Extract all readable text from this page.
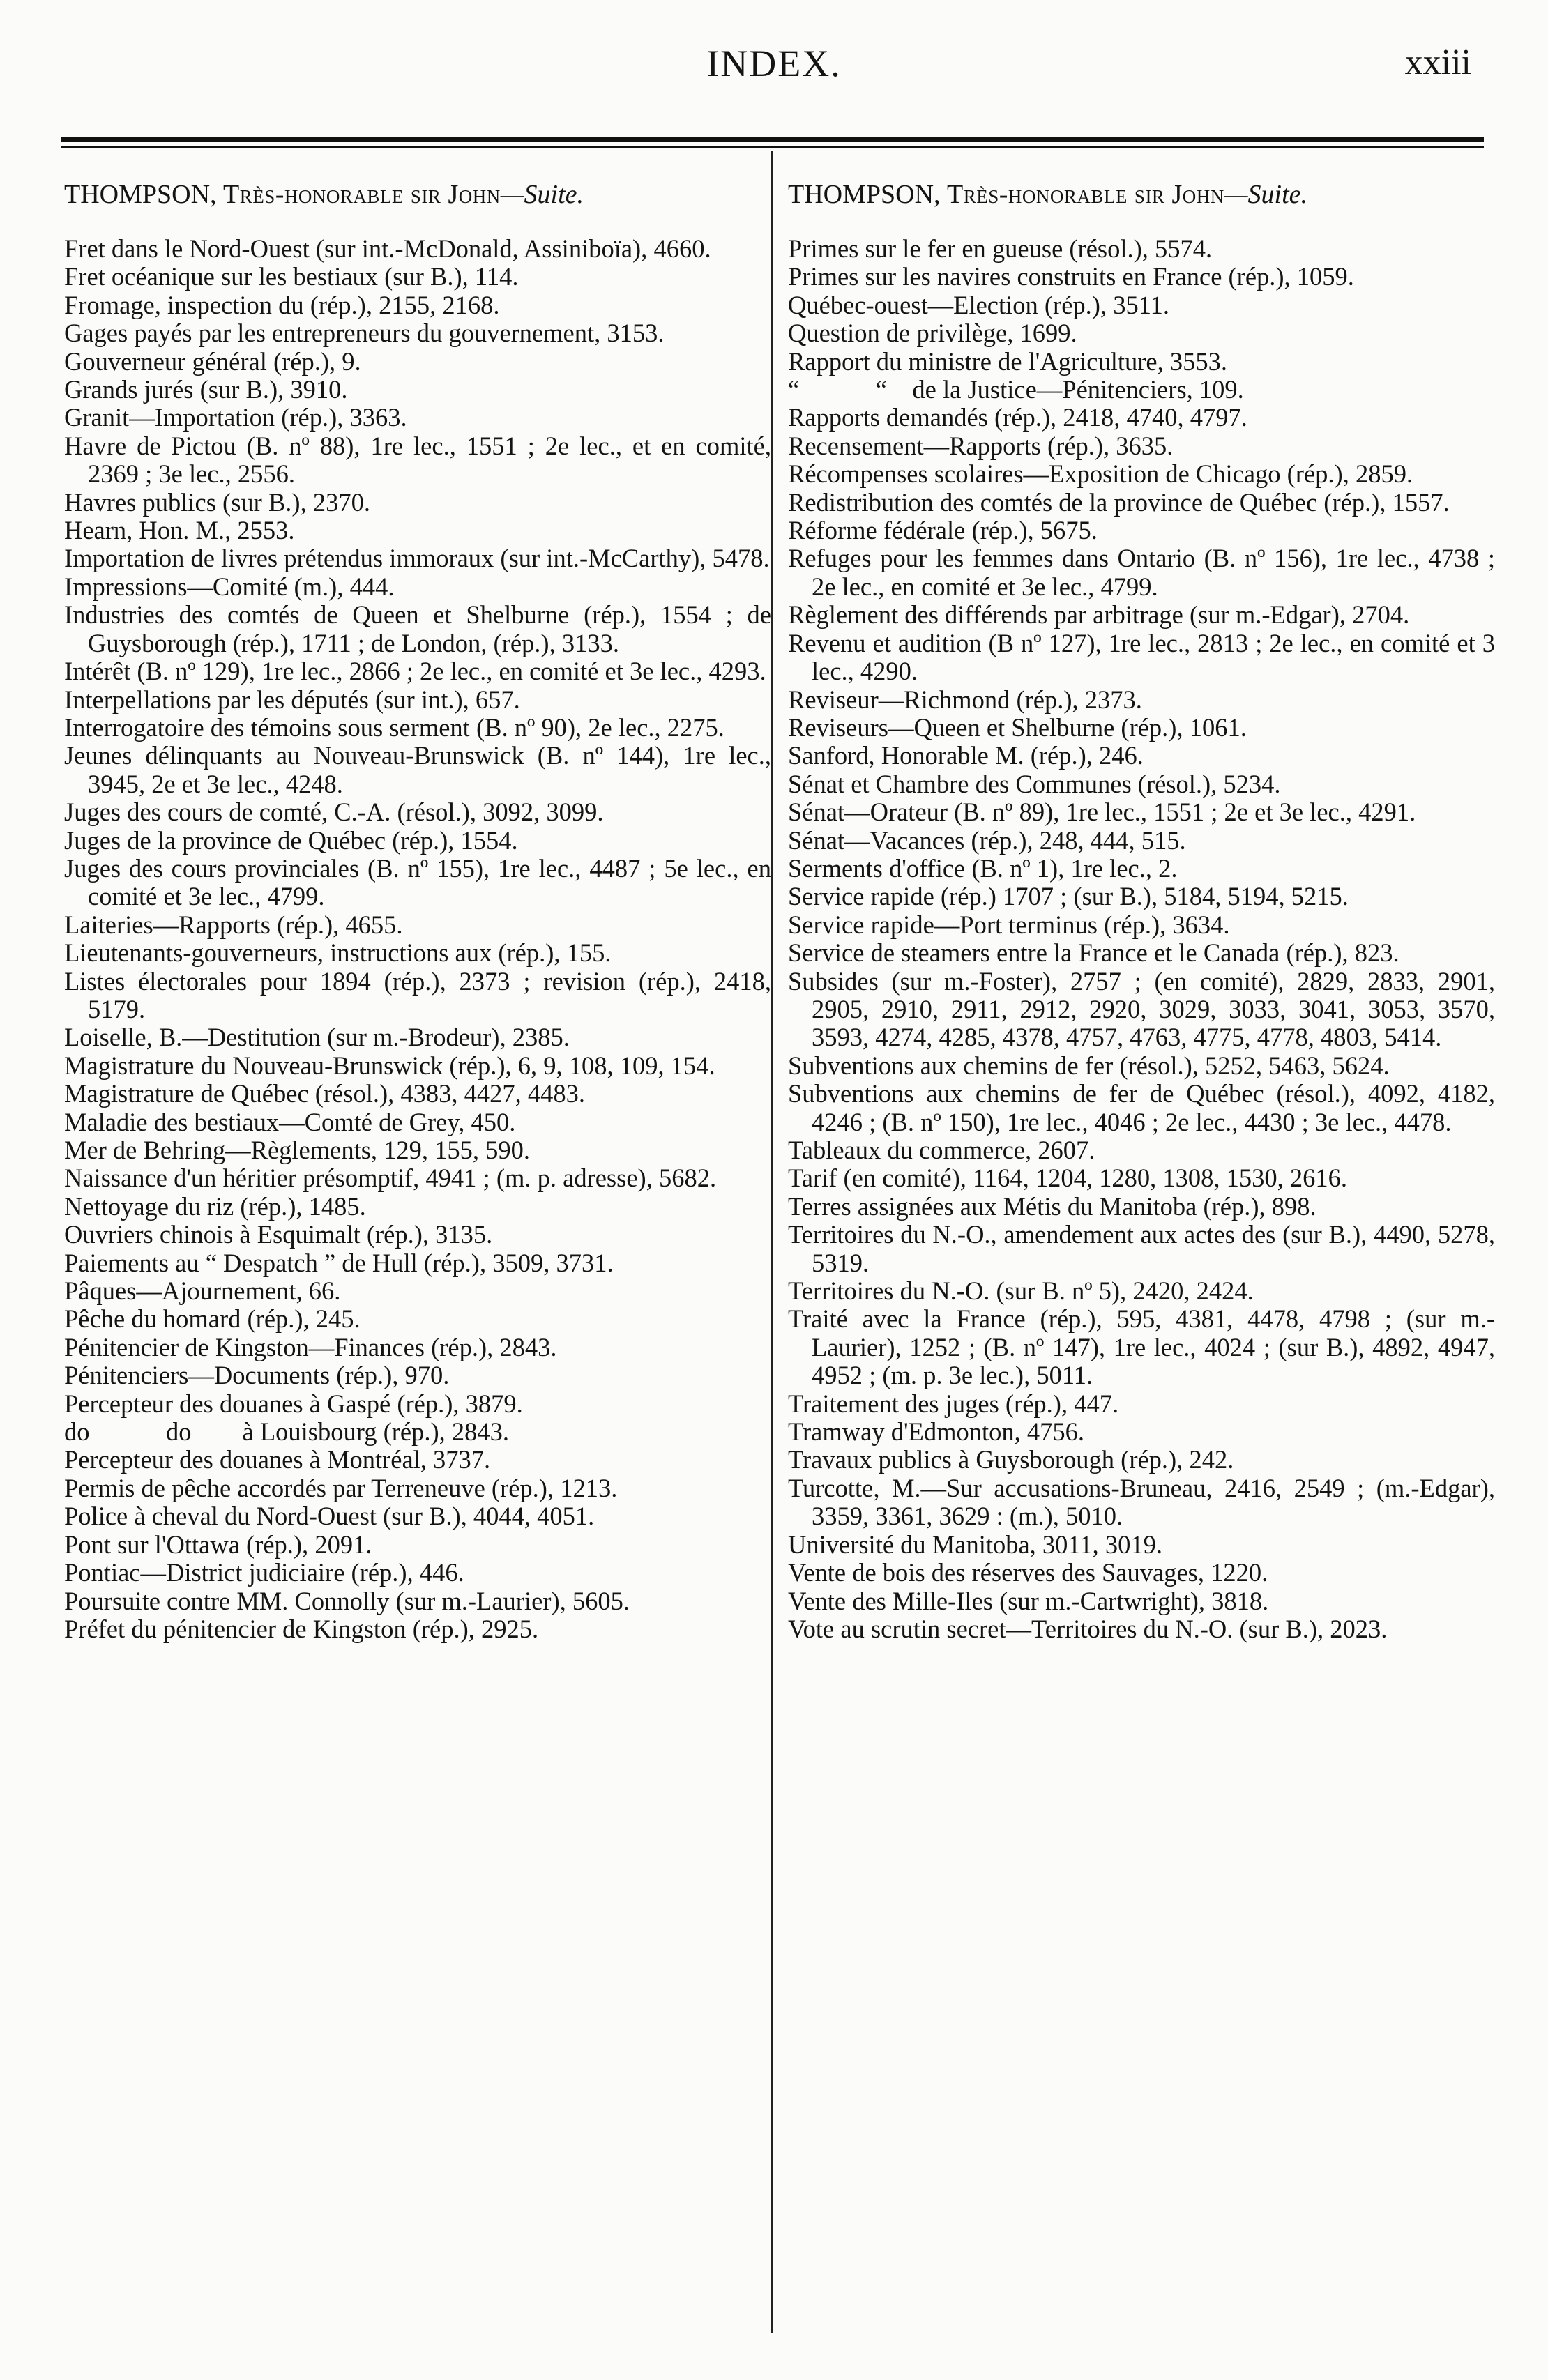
INDEX.	xxiii
THOMPSON, Très-honorable sir John—Suite.
Fret dans le Nord-Ouest (sur int.-McDonald, Assiniboïa), 4660.
Fret océanique sur les bestiaux (sur B.), 114.
Fromage, inspection du (rép.), 2155, 2168.
Gages payés par les entrepreneurs du gouvernement, 3153.
Gouverneur général (rép.), 9.
Grands jurés (sur B.), 3910.
Granit—Importation (rép.), 3363.
Havre de Pictou (B. nº 88), 1re lec., 1551 ; 2e lec., et en comité, 2369 ; 3e lec., 2556.
Havres publics (sur B.), 2370.
Hearn, Hon. M., 2553.
Importation de livres prétendus immoraux (sur int.-McCarthy), 5478.
Impressions—Comité (m.), 444.
Industries des comtés de Queen et Shelburne (rép.), 1554 ; de Guysborough (rép.), 1711 ; de London, (rép.), 3133.
Intérêt (B. nº 129), 1re lec., 2866 ; 2e lec., en comité et 3e lec., 4293.
Interpellations par les députés (sur int.), 657.
Interrogatoire des témoins sous serment (B. nº 90), 2e lec., 2275.
Jeunes délinquants au Nouveau-Brunswick (B. nº 144), 1re lec., 3945, 2e et 3e lec., 4248.
Juges des cours de comté, C.-A. (résol.), 3092, 3099.
Juges de la province de Québec (rép.), 1554.
Juges des cours provinciales (B. nº 155), 1re lec., 4487 ; 5e lec., en comité et 3e lec., 4799.
Laiteries—Rapports (rép.), 4655.
Lieutenants-gouverneurs, instructions aux (rép.), 155.
Listes électorales pour 1894 (rép.), 2373 ; revision (rép.), 2418, 5179.
Loiselle, B.—Destitution (sur m.-Brodeur), 2385.
Magistrature du Nouveau-Brunswick (rép.), 6, 9, 108, 109, 154.
Magistrature de Québec (résol.), 4383, 4427, 4483.
Maladie des bestiaux—Comté de Grey, 450.
Mer de Behring—Règlements, 129, 155, 590.
Naissance d'un héritier présomptif, 4941 ; (m. p. adresse), 5682.
Nettoyage du riz (rép.), 1485.
Ouvriers chinois à Esquimalt (rép.), 3135.
Paiements au “ Despatch ” de Hull (rép.), 3509, 3731.
Pâques—Ajournement, 66.
Pêche du homard (rép.), 245.
Pénitencier de Kingston—Finances (rép.), 2843.
Pénitenciers—Documents (rép.), 970.
Percepteur des douanes à Gaspé (rép.), 3879.
do   do  à Louisbourg (rép.), 2843.
Percepteur des douanes à Montréal, 3737.
Permis de pêche accordés par Terreneuve (rép.), 1213.
Police à cheval du Nord-Ouest (sur B.), 4044, 4051.
Pont sur l'Ottawa (rép.), 2091.
Pontiac—District judiciaire (rép.), 446.
Poursuite contre MM. Connolly (sur m.-Laurier), 5605.
Préfet du pénitencier de Kingston (rép.), 2925.
THOMPSON, Très-honorable sir John—Suite.
Primes sur le fer en gueuse (résol.), 5574.
Primes sur les navires construits en France (rép.), 1059.
Québec-ouest—Election (rép.), 3511.
Question de privilège, 1699.
Rapport du ministre de l'Agriculture, 3553.
“   “ de la Justice—Pénitenciers, 109.
Rapports demandés (rép.), 2418, 4740, 4797.
Recensement—Rapports (rép.), 3635.
Récompenses scolaires—Exposition de Chicago (rép.), 2859.
Redistribution des comtés de la province de Québec (rép.), 1557.
Réforme fédérale (rép.), 5675.
Refuges pour les femmes dans Ontario (B. nº 156), 1re lec., 4738 ; 2e lec., en comité et 3e lec., 4799.
Règlement des différends par arbitrage (sur m.-Edgar), 2704.
Revenu et audition (B nº 127), 1re lec., 2813 ; 2e lec., en comité et 3 lec., 4290.
Reviseur—Richmond (rép.), 2373.
Reviseurs—Queen et Shelburne (rép.), 1061.
Sanford, Honorable M. (rép.), 246.
Sénat et Chambre des Communes (résol.), 5234.
Sénat—Orateur (B. nº 89), 1re lec., 1551 ; 2e et 3e lec., 4291.
Sénat—Vacances (rép.), 248, 444, 515.
Serments d'office (B. nº 1), 1re lec., 2.
Service rapide (rép.) 1707 ; (sur B.), 5184, 5194, 5215.
Service rapide—Port terminus (rép.), 3634.
Service de steamers entre la France et le Canada (rép.), 823.
Subsides (sur m.-Foster), 2757 ; (en comité), 2829, 2833, 2901, 2905, 2910, 2911, 2912, 2920, 3029, 3033, 3041, 3053, 3570, 3593, 4274, 4285, 4378, 4757, 4763, 4775, 4778, 4803, 5414.
Subventions aux chemins de fer (résol.), 5252, 5463, 5624.
Subventions aux chemins de fer de Québec (résol.), 4092, 4182, 4246 ; (B. nº 150), 1re lec., 4046 ; 2e lec., 4430 ; 3e lec., 4478.
Tableaux du commerce, 2607.
Tarif (en comité), 1164, 1204, 1280, 1308, 1530, 2616.
Terres assignées aux Métis du Manitoba (rép.), 898.
Territoires du N.-O., amendement aux actes des (sur B.), 4490, 5278, 5319.
Territoires du N.-O. (sur B. nº 5), 2420, 2424.
Traité avec la France (rép.), 595, 4381, 4478, 4798 ; (sur m.-Laurier), 1252 ; (B. nº 147), 1re lec., 4024 ; (sur B.), 4892, 4947, 4952 ; (m. p. 3e lec.), 5011.
Traitement des juges (rép.), 447.
Tramway d'Edmonton, 4756.
Travaux publics à Guysborough (rép.), 242.
Turcotte, M.—Sur accusations-Bruneau, 2416, 2549 ; (m.-Edgar), 3359, 3361, 3629 : (m.), 5010.
Université du Manitoba, 3011, 3019.
Vente de bois des réserves des Sauvages, 1220.
Vente des Mille-Iles (sur m.-Cartwright), 3818.
Vote au scrutin secret—Territoires du N.-O. (sur B.), 2023.
